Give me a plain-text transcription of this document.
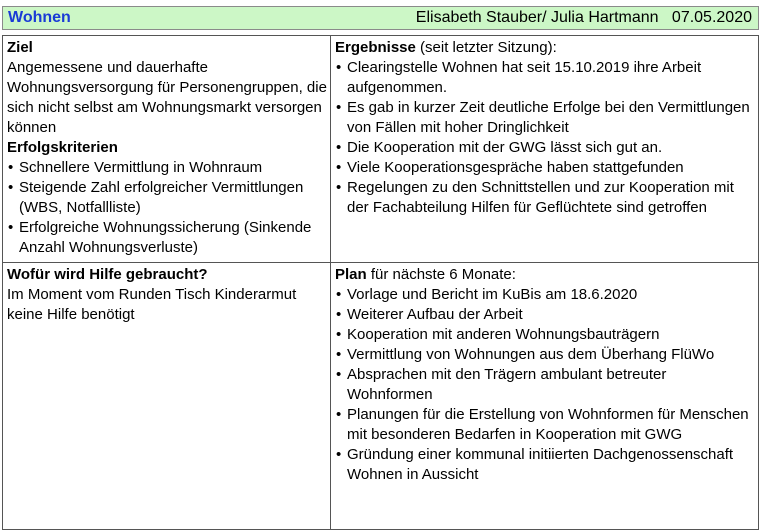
Wohnen	Elisabeth Stauber/ Julia Hartmann   07.05.2020
Ziel
Angemessene und dauerhafte Wohnungsversorgung für Personengruppen, die sich nicht selbst am Wohnungsmarkt versorgen können
Erfolgskriterien
• Schnellere Vermittlung in Wohnraum
• Steigende Zahl erfolgreicher Vermittlungen (WBS, Notfallliste)
• Erfolgreiche Wohnungssicherung (Sinkende Anzahl Wohnungsverluste)
Ergebnisse (seit letzter Sitzung):
• Clearingstelle Wohnen hat seit 15.10.2019 ihre Arbeit aufgenommen.
• Es gab in kurzer Zeit deutliche Erfolge bei den Vermittlungen von Fällen mit hoher Dringlichkeit
• Die Kooperation mit der GWG lässt sich gut an.
• Viele Kooperationsgespräche haben stattgefunden
• Regelungen zu den Schnittstellen und zur Kooperation mit der Fachabteilung Hilfen für Geflüchtete sind getroffen
Wofür wird Hilfe gebraucht?
Im Moment vom Runden Tisch Kinderarmut keine Hilfe benötigt
Plan für nächste 6 Monate:
• Vorlage und Bericht im KuBis am 18.6.2020
• Weiterer Aufbau der Arbeit
• Kooperation mit anderen Wohnungsbauträgern
• Vermittlung von Wohnungen aus dem Überhang FlüWo
• Absprachen mit den Trägern ambulant betreuter Wohnformen
• Planungen für die Erstellung von Wohnformen für Menschen mit besonderen Bedarfen in Kooperation mit GWG
• Gründung einer kommunal initiierten Dachgenossenschaft Wohnen in Aussicht
